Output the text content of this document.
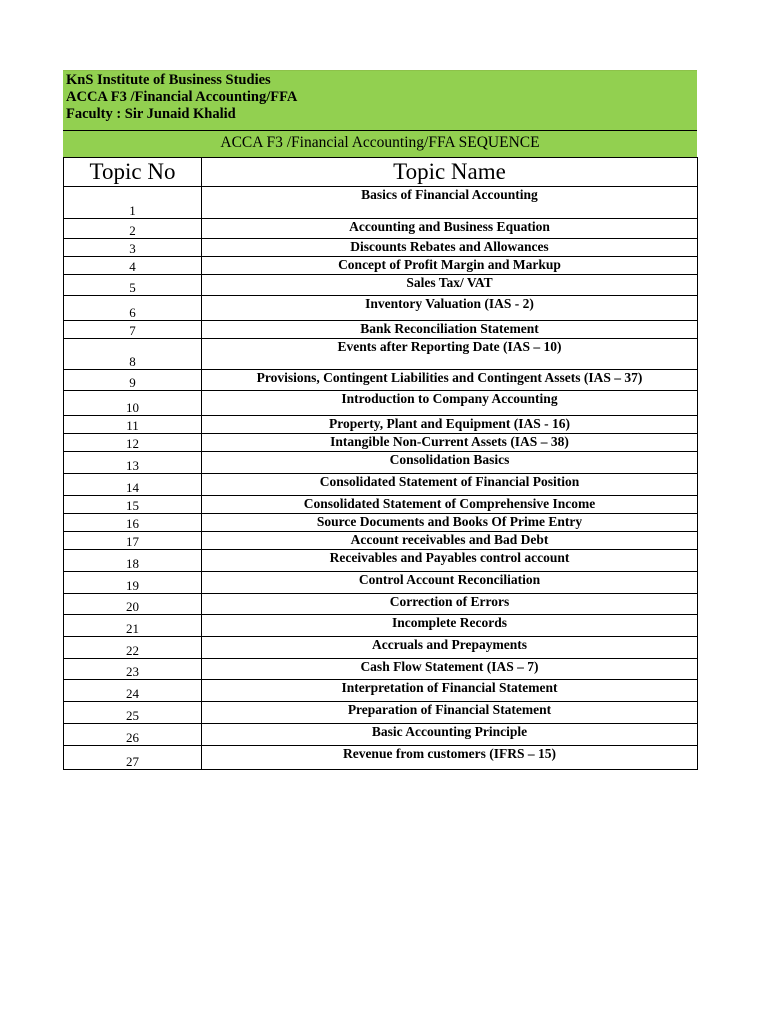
KnS Institute of Business Studies
ACCA F3 /Financial Accounting/FFA
Faculty : Sir Junaid Khalid
ACCA F3 /Financial Accounting/FFA SEQUENCE
Topic No	Topic Name
1	Basics of Financial Accounting
2	Accounting and Business Equation
3	Discounts Rebates and Allowances
4	Concept of Profit Margin and Markup
5	Sales Tax/ VAT
6	Inventory Valuation (IAS - 2)
7	Bank Reconciliation Statement
8	Events after Reporting Date (IAS – 10)
9	Provisions, Contingent Liabilities and Contingent Assets (IAS – 37)
10	Introduction to Company Accounting
11	Property, Plant and Equipment (IAS - 16)
12	Intangible Non-Current Assets (IAS – 38)
13	Consolidation Basics
14	Consolidated Statement of Financial Position
15	Consolidated Statement of Comprehensive Income
16	Source Documents and Books Of Prime Entry
17	Account receivables and Bad Debt
18	Receivables and Payables control account
19	Control Account Reconciliation
20	Correction of Errors
21	Incomplete Records
22	Accruals and Prepayments
23	Cash Flow Statement (IAS – 7)
24	Interpretation of Financial Statement
25	Preparation of Financial Statement
26	Basic Accounting Principle
27	Revenue from customers (IFRS – 15)
